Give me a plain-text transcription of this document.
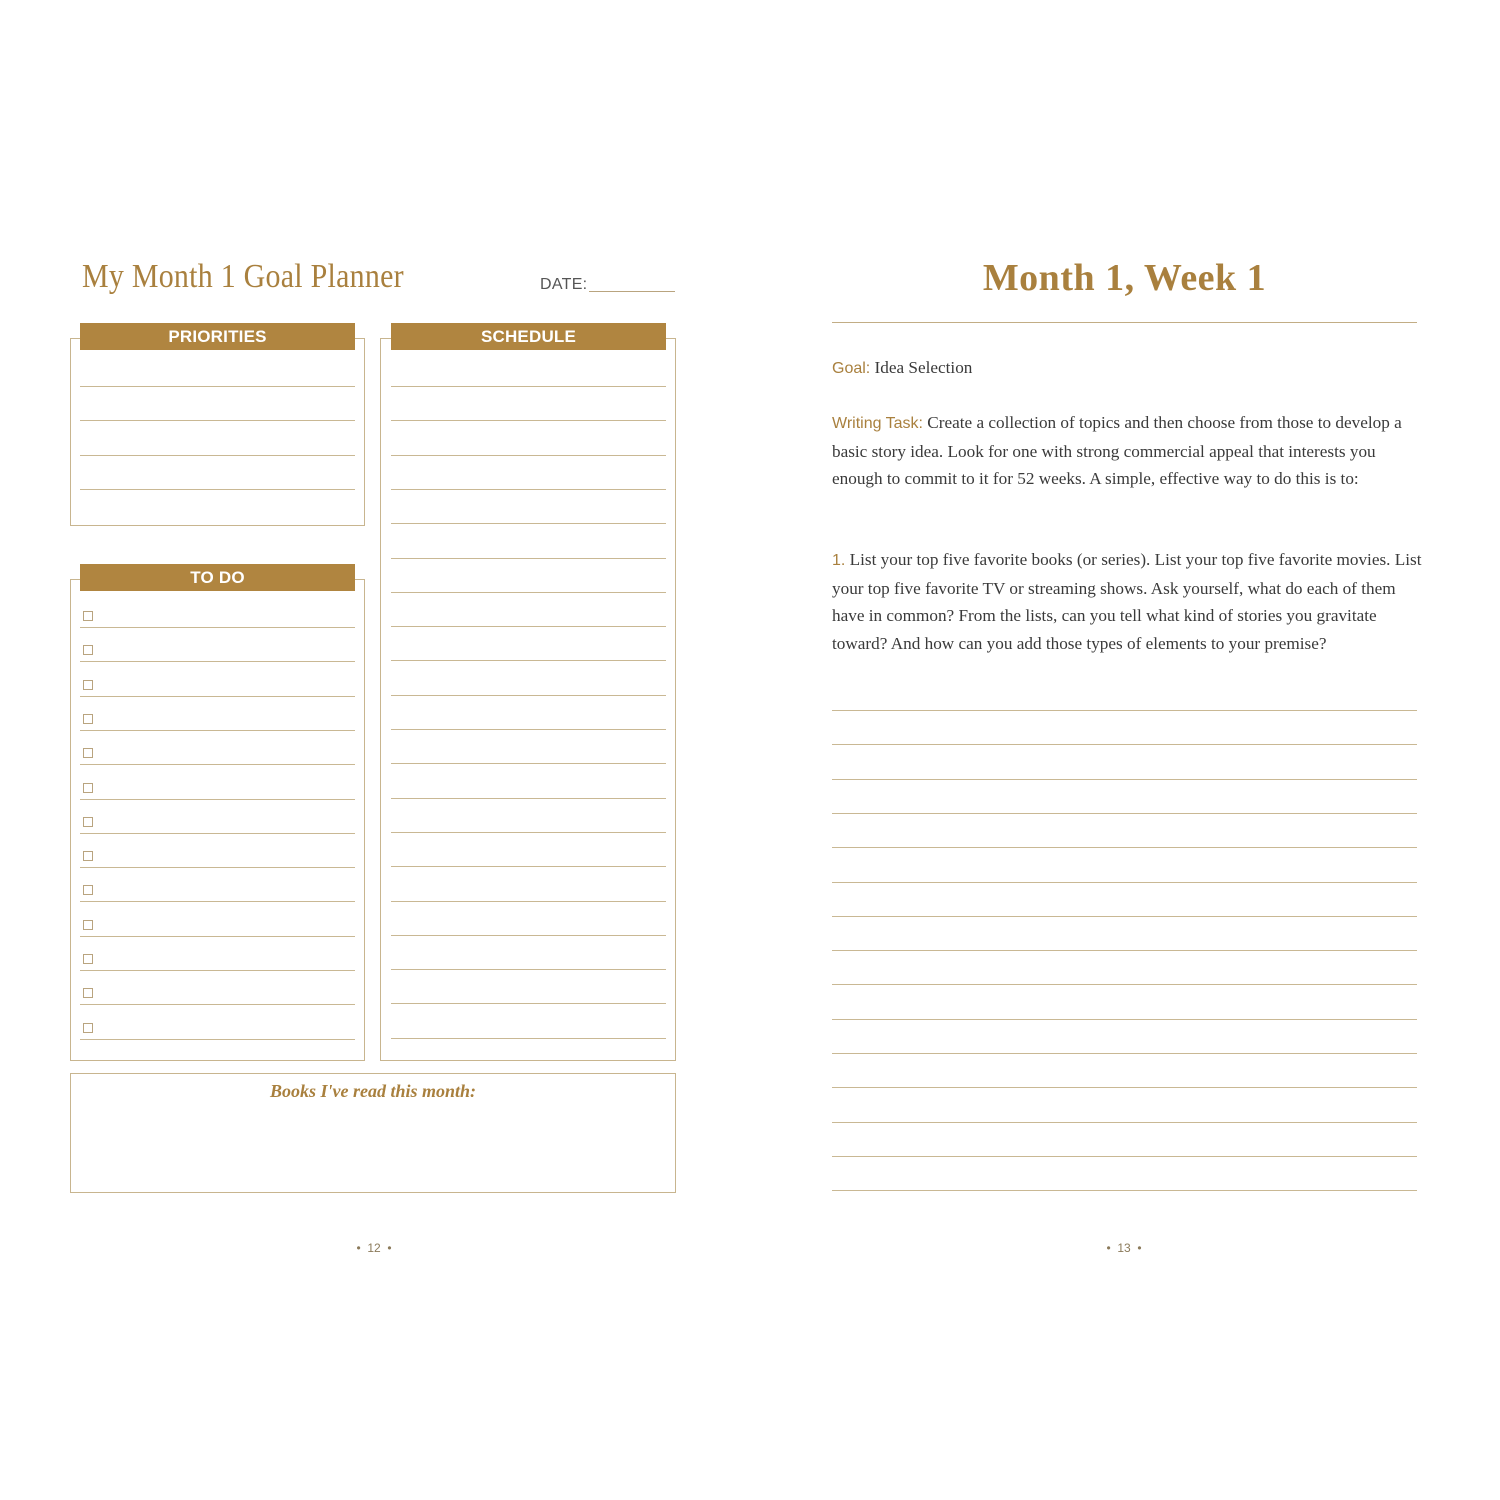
My Month 1 Goal Planner	DATE:
PRIORITIES
TO DO
SCHEDULE
Books I've read this month:
•  12  •
Month 1, Week 1
Goal: Idea Selection
Writing Task: Create a collection of topics and then choose from those to develop a basic story idea. Look for one with strong commercial appeal that interests you enough to commit to it for 52 weeks. A simple, effective way to do this is to:
1. List your top five favorite books (or series). List your top five favorite movies. List your top five favorite TV or streaming shows. Ask yourself, what do each of them have in common? From the lists, can you tell what kind of stories you gravitate toward? And how can you add those types of elements to your premise?
•  13  •
